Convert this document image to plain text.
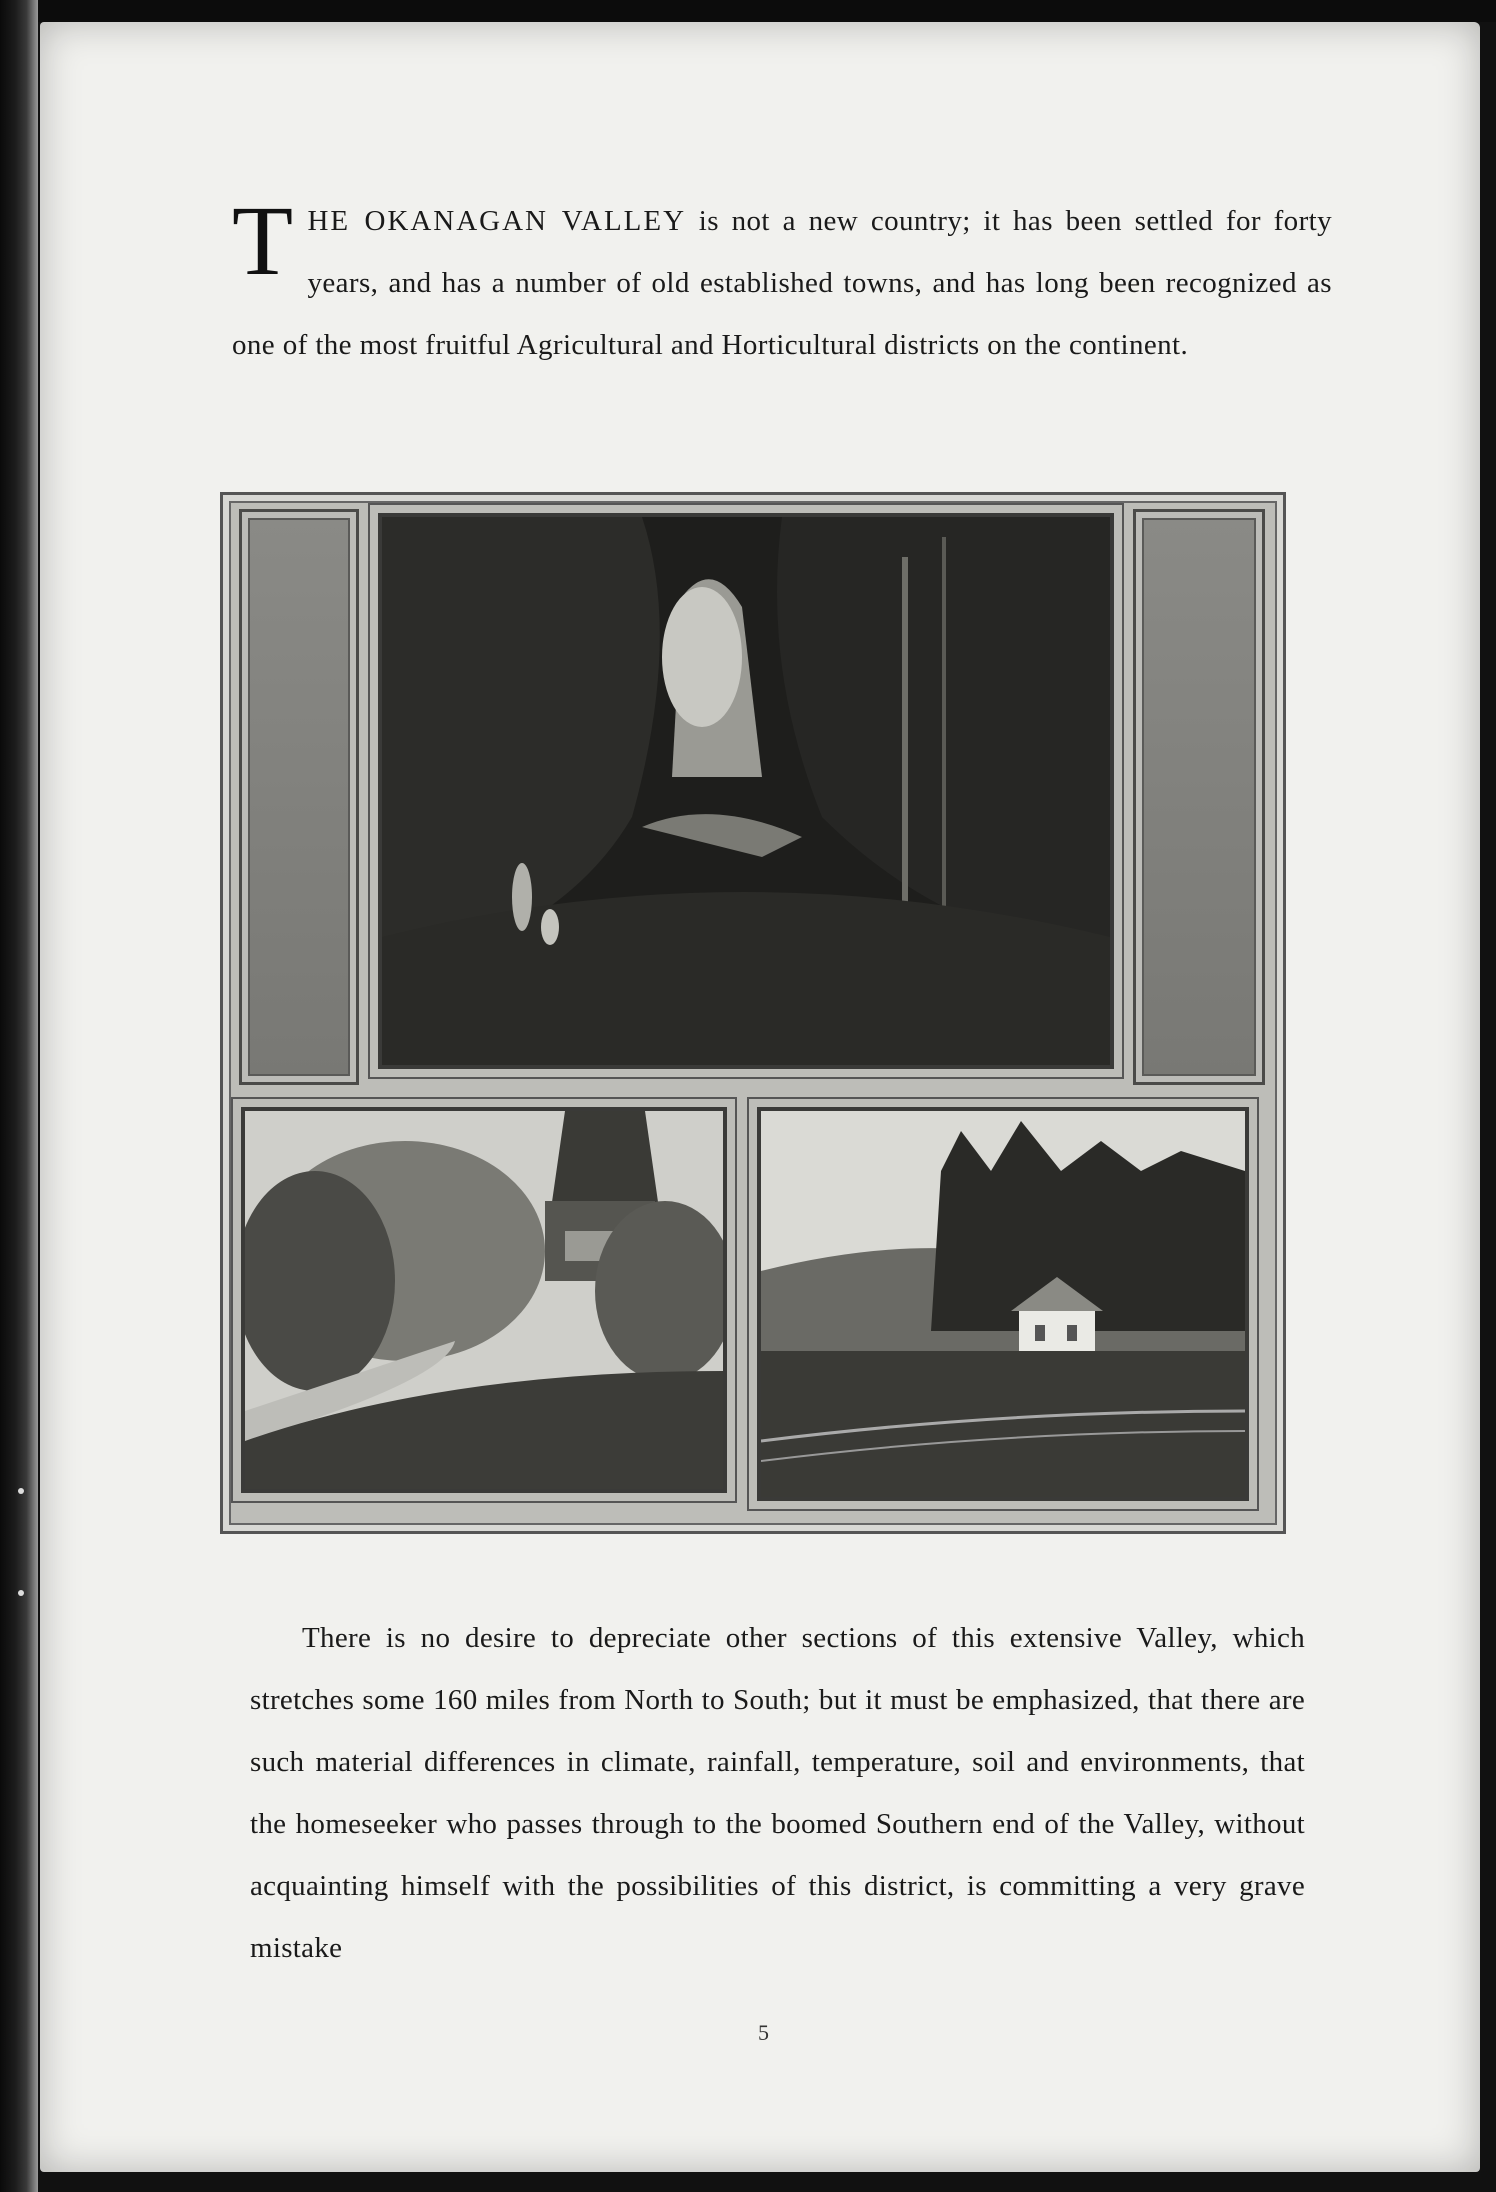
THE OKANAGAN VALLEY is not a new country; it has been settled for forty years, and has a number of old established towns, and has long been recognized as one of the most fruitful Agricultural and Horticultural districts on the continent.
There is no desire to depreciate other sections of this extensive Valley, which stretches some 160 miles from North to South; but it must be emphasized, that there are such material differences in climate, rainfall, temperature, soil and environments, that the homeseeker who passes through to the boomed Southern end of the Valley, without acquainting himself with the possibilities of this district, is committing a very grave mistake
5
